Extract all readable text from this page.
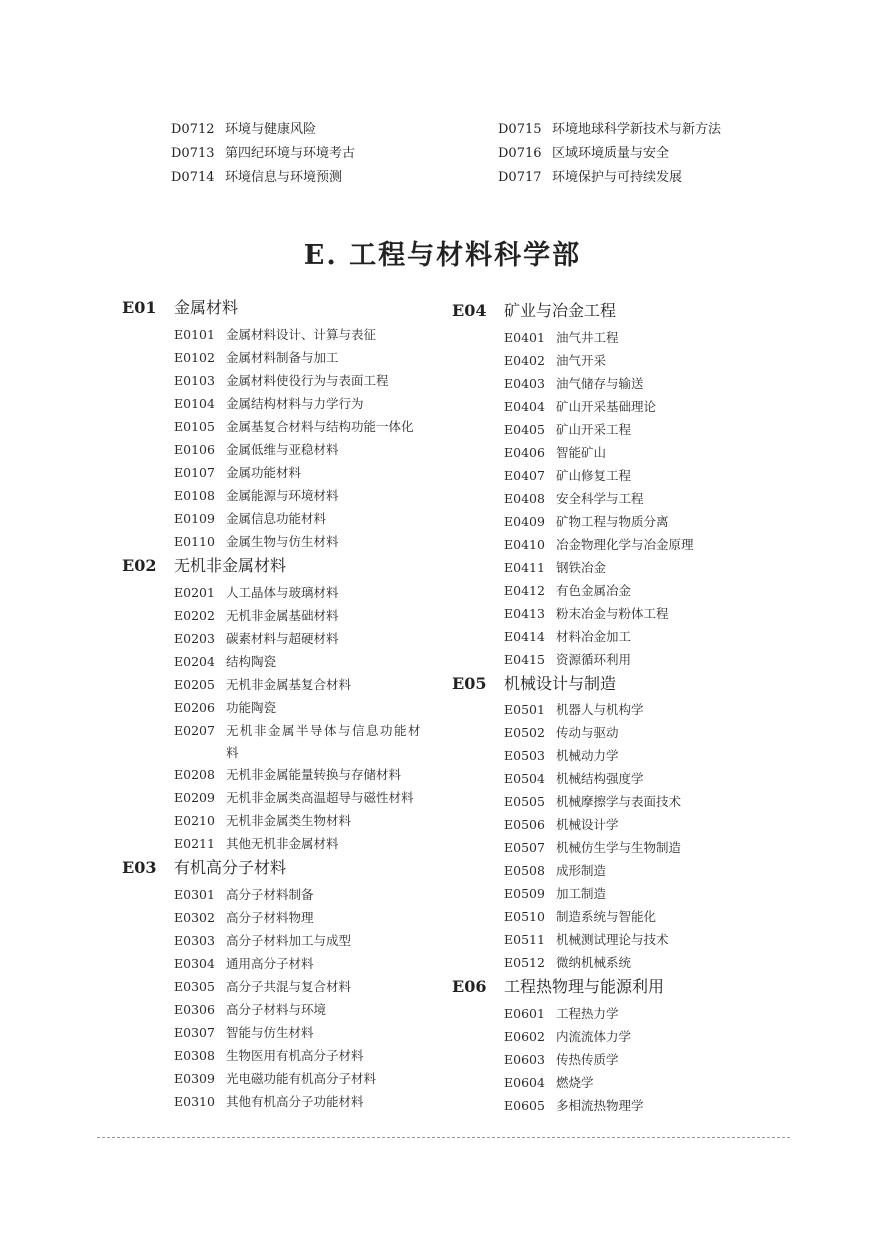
D0712 环境与健康风险
D0713 第四纪环境与环境考古
D0714 环境信息与环境预测
D0715 环境地球科学新技术与新方法
D0716 区域环境质量与安全
D0717 环境保护与可持续发展
E. 工程与材料科学部
E01 金属材料
E0101 金属材料设计、计算与表征
E0102 金属材料制备与加工
E0103 金属材料使役行为与表面工程
E0104 金属结构材料与力学行为
E0105 金属基复合材料与结构功能一体化
E0106 金属低维与亚稳材料
E0107 金属功能材料
E0108 金属能源与环境材料
E0109 金属信息功能材料
E0110 金属生物与仿生材料
E02 无机非金属材料
E0201 人工晶体与玻璃材料
E0202 无机非金属基础材料
E0203 碳素材料与超硬材料
E0204 结构陶瓷
E0205 无机非金属基复合材料
E0206 功能陶瓷
E0207 无机非金属半导体与信息功能材料
E0208 无机非金属能量转换与存储材料
E0209 无机非金属类高温超导与磁性材料
E0210 无机非金属类生物材料
E0211 其他无机非金属材料
E03 有机高分子材料
E0301 高分子材料制备
E0302 高分子材料物理
E0303 高分子材料加工与成型
E0304 通用高分子材料
E0305 高分子共混与复合材料
E0306 高分子材料与环境
E0307 智能与仿生材料
E0308 生物医用有机高分子材料
E0309 光电磁功能有机高分子材料
E0310 其他有机高分子功能材料
E04 矿业与冶金工程
E0401 油气井工程
E0402 油气开采
E0403 油气储存与输送
E0404 矿山开采基础理论
E0405 矿山开采工程
E0406 智能矿山
E0407 矿山修复工程
E0408 安全科学与工程
E0409 矿物工程与物质分离
E0410 冶金物理化学与冶金原理
E0411 钢铁冶金
E0412 有色金属冶金
E0413 粉末冶金与粉体工程
E0414 材料冶金加工
E0415 资源循环利用
E05 机械设计与制造
E0501 机器人与机构学
E0502 传动与驱动
E0503 机械动力学
E0504 机械结构强度学
E0505 机械摩擦学与表面技术
E0506 机械设计学
E0507 机械仿生学与生物制造
E0508 成形制造
E0509 加工制造
E0510 制造系统与智能化
E0511 机械测试理论与技术
E0512 微纳机械系统
E06 工程热物理与能源利用
E0601 工程热力学
E0602 内流流体力学
E0603 传热传质学
E0604 燃烧学
E0605 多相流热物理学
